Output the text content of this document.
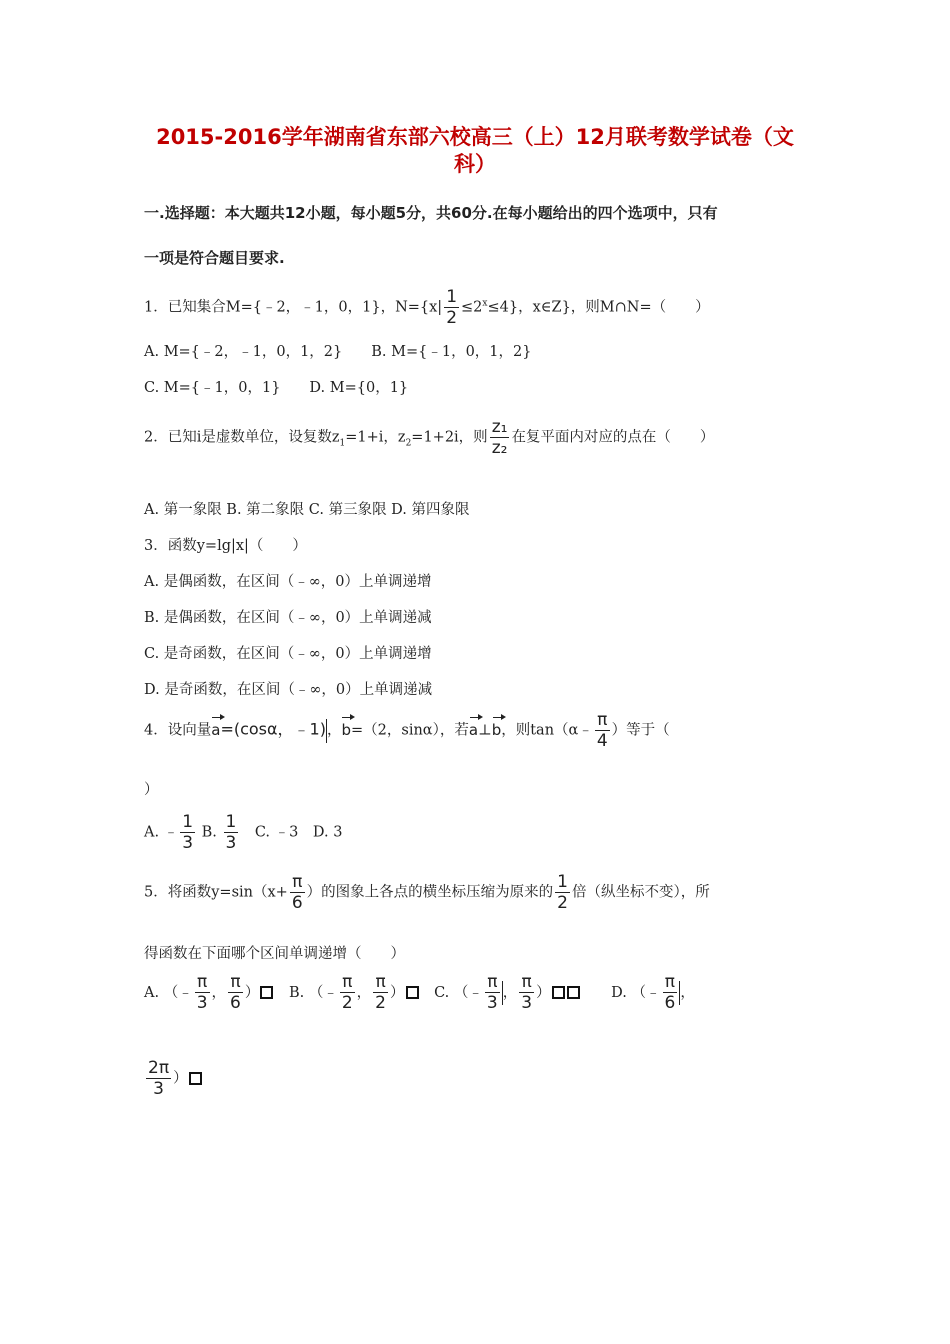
2015-2016学年湖南省东部六校高三（上）12月联考数学试卷（文
科）
一.选择题：本大题共12小题，每小题5分，共60分.在每小题给出的四个选项中，只有
一项是符合题目要求.
1．已知集合M={﹣2，﹣1，0，1}，$N=\{x| \frac{1}{2} \le 2^x\le 4\}$，x∈Z}，则M∩N=（　　）
A. M={﹣2，﹣1，0，1，2}　　B. M={﹣1，0，1，2}
C. M={﹣1，0，1}　　D. M={0，1}
2．已知i是虚数单位，设复数$z_1=1+i$，$z_2=1+2i$，则 $\frac{\text{z₁}}{\text{z₂}}$ 在复平面内对应的点在（　　）
A. 第一象限 B. 第二象限 C. 第三象限 D. 第四象限
3．函数y=lg|x|（　　）
A. 是偶函数，在区间（﹣∞，0）上单调递增
B. 是偶函数，在区间（﹣∞，0）上单调递减
C. 是奇函数，在区间（﹣∞，0）上单调递增
D. 是奇函数，在区间（﹣∞，0）上单调递减
4．设向量a=(cosα，﹣1)，b=（2，sinα），若a⊥b，则tan（α﹣ $\frac{\pi}{4}$ ）等于（
）
A. ﹣ $\frac{1}{3} B$. $\frac{1}{3}$ 　C. ﹣3　D. 3
5．将函数$y=\sin(x+ \frac{\pi}{6}$ ）的图象上各点的横坐标压缩为原来的 $\frac{1}{2}$ 倍（纵坐标不变），所
得函数在下面哪个区间单调递增（　　）
A. （﹣ $\frac{\pi}{3}$ ， $\frac{\pi}{6}$ ） B. （﹣ $\frac{\pi}{2}$ ， $\frac{\pi}{2}$ ） C. （﹣ $\frac{\pi}{3}$ ， $\frac{\pi}{3}$ ）	D. （﹣ $\frac{\pi}{6}$ ，
$\frac{2\pi}{3}$ ）
